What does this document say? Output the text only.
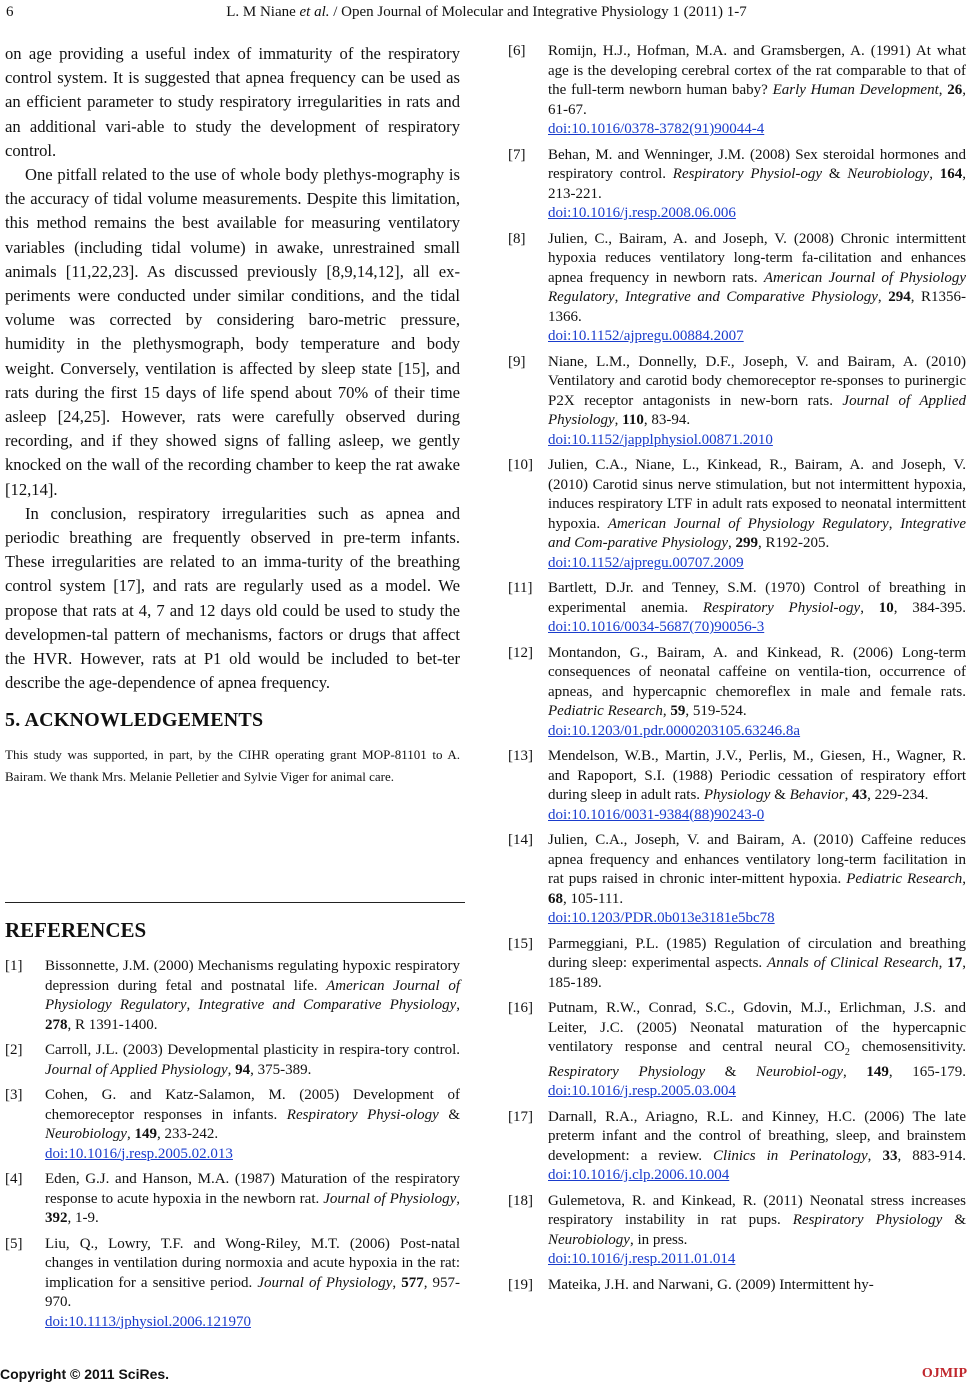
6	L. M Niane et al. / Open Journal of Molecular and Integrative Physiology 1 (2011) 1-7

on age providing a useful index of immaturity of the respiratory control system. It is suggested that apnea frequency can be used as an efficient parameter to study respiratory irregularities in rats and an additional vari-able to study the development of respiratory control.

One pitfall related to the use of whole body plethys-mography is the accuracy of tidal volume measurements. Despite this limitation, this method remains the best available for measuring ventilatory variables (including tidal volume) in awake, unrestrained small animals [11,22,23]. As discussed previously [8,9,14,12], all ex-periments were conducted under similar conditions, and the tidal volume was corrected by considering baro-metric pressure, humidity in the plethysmograph, body temperature and body weight. Conversely, ventilation is affected by sleep state [15], and rats during the first 15 days of life spend about 70% of their time asleep [24,25]. However, rats were carefully observed during recording, and if they showed signs of falling asleep, we gently knocked on the wall of the recording chamber to keep the rat awake [12,14].

In conclusion, respiratory irregularities such as apnea and periodic breathing are frequently observed in pre-term infants. These irregularities are related to an imma-turity of the breathing control system [17], and rats are regularly used as a model. We propose that rats at 4, 7 and 12 days old could be used to study the developmen-tal pattern of mechanisms, factors or drugs that affect the HVR. However, rats at P1 old would be included to bet-ter describe the age-dependence of apnea frequency.

5. ACKNOWLEDGEMENTS

This study was supported, in part, by the CIHR operating grant MOP-81101 to A. Bairam. We thank Mrs. Melanie Pelletier and Sylvie Viger for animal care.

REFERENCES
[1]	Bissonnette, J.M. (2000) Mechanisms regulating hypoxic respiratory depression during fetal and postnatal life. American Journal of Physiology Regulatory, Integrative and Comparative Physiology, 278, R 1391-1400.
[2]	Carroll, J.L. (2003) Developmental plasticity in respira-tory control. Journal of Applied Physiology, 94, 375-389.
[3]	Cohen, G. and Katz-Salamon, M. (2005) Development of chemoreceptor responses in infants. Respiratory Physi-ology & Neurobiology, 149, 233-242.
doi:10.1016/j.resp.2005.02.013
[4]	Eden, G.J. and Hanson, M.A. (1987) Maturation of the respiratory response to acute hypoxia in the newborn rat. Journal of Physiology, 392, 1-9.
[5]	Liu, Q., Lowry, T.F. and Wong-Riley, M.T. (2006) Post-natal changes in ventilation during normoxia and acute hypoxia in the rat: implication for a sensitive period. Journal of Physiology, 577, 957-970.
doi:10.1113/jphysiol.2006.121970
[6]	Romijn, H.J., Hofman, M.A. and Gramsbergen, A. (1991) At what age is the developing cerebral cortex of the rat comparable to that of the full-term newborn human baby? Early Human Development, 26, 61-67.
doi:10.1016/0378-3782(91)90044-4
[7]	Behan, M. and Wenninger, J.M. (2008) Sex steroidal hormones and respiratory control. Respiratory Physiol-ogy & Neurobiology, 164, 213-221.
doi:10.1016/j.resp.2008.06.006
[8]	Julien, C., Bairam, A. and Joseph, V. (2008) Chronic intermittent hypoxia reduces ventilatory long-term fa-cilitation and enhances apnea frequency in newborn rats. American Journal of Physiology Regulatory, Integrative and Comparative Physiology, 294, R1356-1366.
doi:10.1152/ajpregu.00884.2007
[9]	Niane, L.M., Donnelly, D.F., Joseph, V. and Bairam, A. (2010) Ventilatory and carotid body chemoreceptor re-sponses to purinergic P2X receptor antagonists in new-born rats. Journal of Applied Physiology, 110, 83-94.
doi:10.1152/japplphysiol.00871.2010
[10]	Julien, C.A., Niane, L., Kinkead, R., Bairam, A. and Joseph, V. (2010) Carotid sinus nerve stimulation, but not intermittent hypoxia, induces respiratory LTF in adult rats exposed to neonatal intermittent hypoxia. American Journal of Physiology Regulatory, Integrative and Com-parative Physiology, 299, R192-205.
doi:10.1152/ajpregu.00707.2009
[11]	Bartlett, D.Jr. and Tenney, S.M. (1970) Control of breathing in experimental anemia. Respiratory Physiol-ogy, 10, 384-395. doi:10.1016/0034-5687(70)90056-3
[12]	Montandon, G., Bairam, A. and Kinkead, R. (2006) Long-term consequences of neonatal caffeine on ventila-tion, occurrence of apneas, and hypercapnic chemoreflex in male and female rats. Pediatric Research, 59, 519-524.
doi:10.1203/01.pdr.0000203105.63246.8a
[13]	Mendelson, W.B., Martin, J.V., Perlis, M., Giesen, H., Wagner, R. and Rapoport, S.I. (1988) Periodic cessation of respiratory effort during sleep in adult rats. Physiology & Behavior, 43, 229-234.
doi:10.1016/0031-9384(88)90243-0
[14]	Julien, C.A., Joseph, V. and Bairam, A. (2010) Caffeine reduces apnea frequency and enhances ventilatory long-term facilitation in rat pups raised in chronic inter-mittent hypoxia. Pediatric Research, 68, 105-111.
doi:10.1203/PDR.0b013e3181e5bc78
[15]	Parmeggiani, P.L. (1985) Regulation of circulation and breathing during sleep: experimental aspects. Annals of Clinical Research, 17, 185-189.
[16]	Putnam, R.W., Conrad, S.C., Gdovin, M.J., Erlichman, J.S. and Leiter, J.C. (2005) Neonatal maturation of the hypercapnic ventilatory response and central neural $CO_2$ chemosensitivity. Respiratory Physiology & Neurobiol-ogy, 149, 165-179. doi:10.1016/j.resp.2005.03.004
[17]	Darnall, R.A., Ariagno, R.L. and Kinney, H.C. (2006) The late preterm infant and the control of breathing, sleep, and brainstem development: a review. Clinics in Perinatology, 33, 883-914. doi:10.1016/j.clp.2006.10.004
[18]	Gulemetova, R. and Kinkead, R. (2011) Neonatal stress increases respiratory instability in rat pups. Respiratory Physiology & Neurobiology, in press.
doi:10.1016/j.resp.2011.01.014
[19]	Mateika, J.H. and Narwani, G. (2009) Intermittent hy-
Copyright © 2011 SciRes.	OJMIP
